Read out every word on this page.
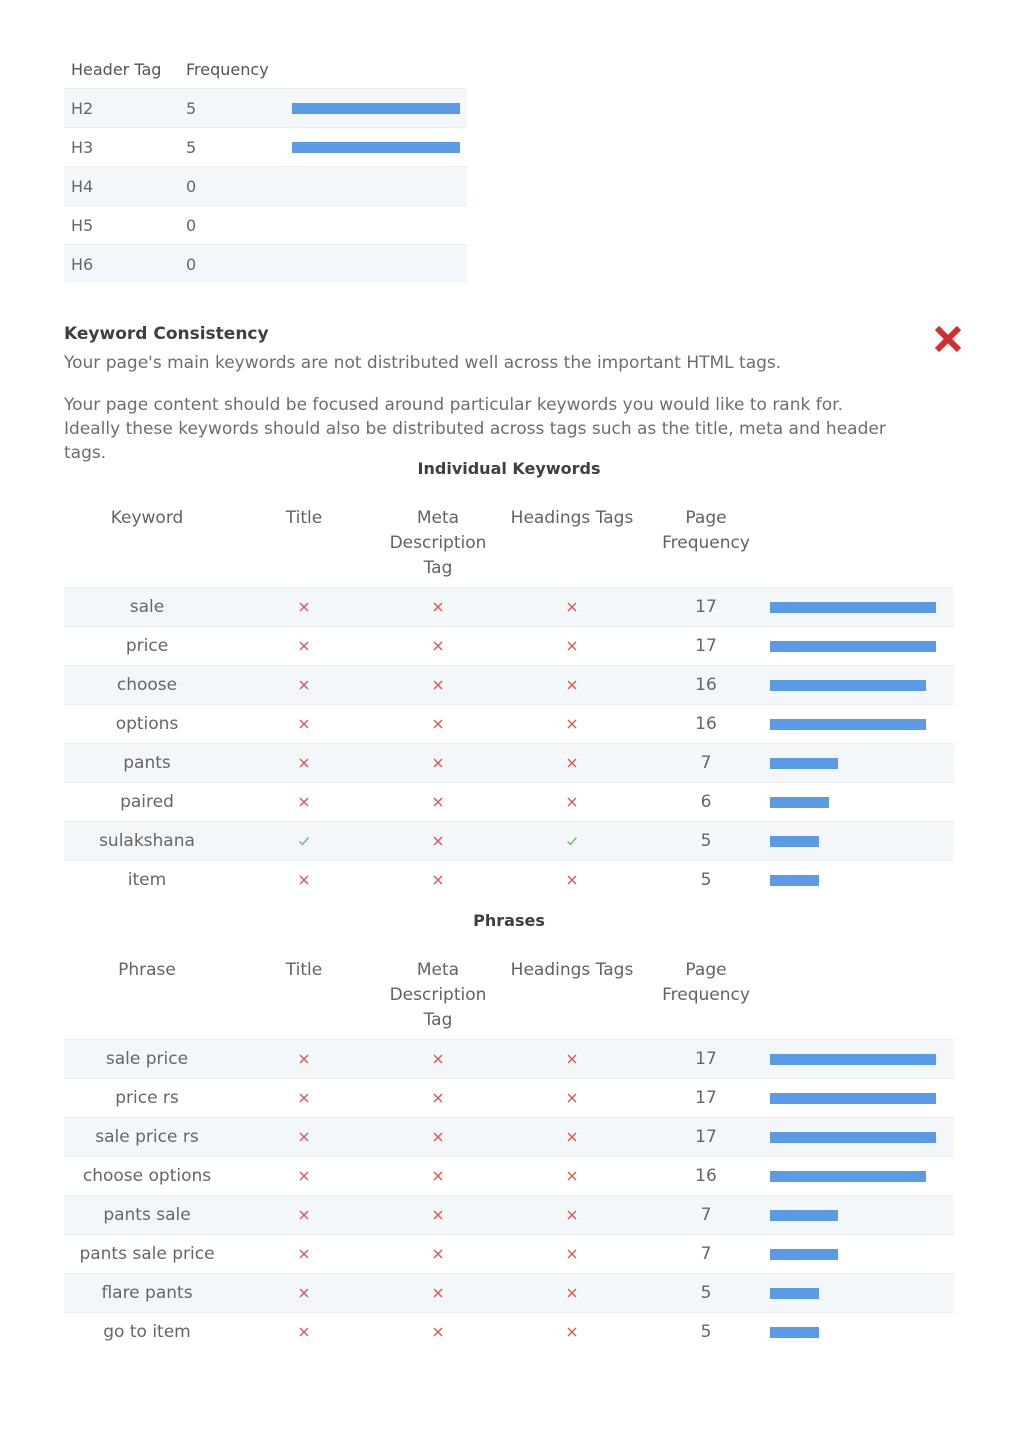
Header Tag	Frequency	
H2	5	

H3	5	

H4	0	
H5	0	
H6	0	
Keyword Consistency

Your page's main keywords are not distributed well across the important HTML tags.

Your page content should be focused around particular keywords you would like to rank for. Ideally these keywords should also be distributed across tags such as the title, meta and header tags.

Individual Keywords
Keyword	Title	Meta Description Tag	Headings Tags	Page Frequency	
sale				17	

price				17	

choose				16	

options				16	

pants				7	

paired				6	

sulakshana				5	

item				5	
Phrases
Phrase	Title	Meta Description Tag	Headings Tags	Page Frequency	
sale price				17	

price rs				17	

sale price rs				17	

choose options				16	

pants sale				7	

pants sale price				7	

flare pants				5	

go to item				5	
